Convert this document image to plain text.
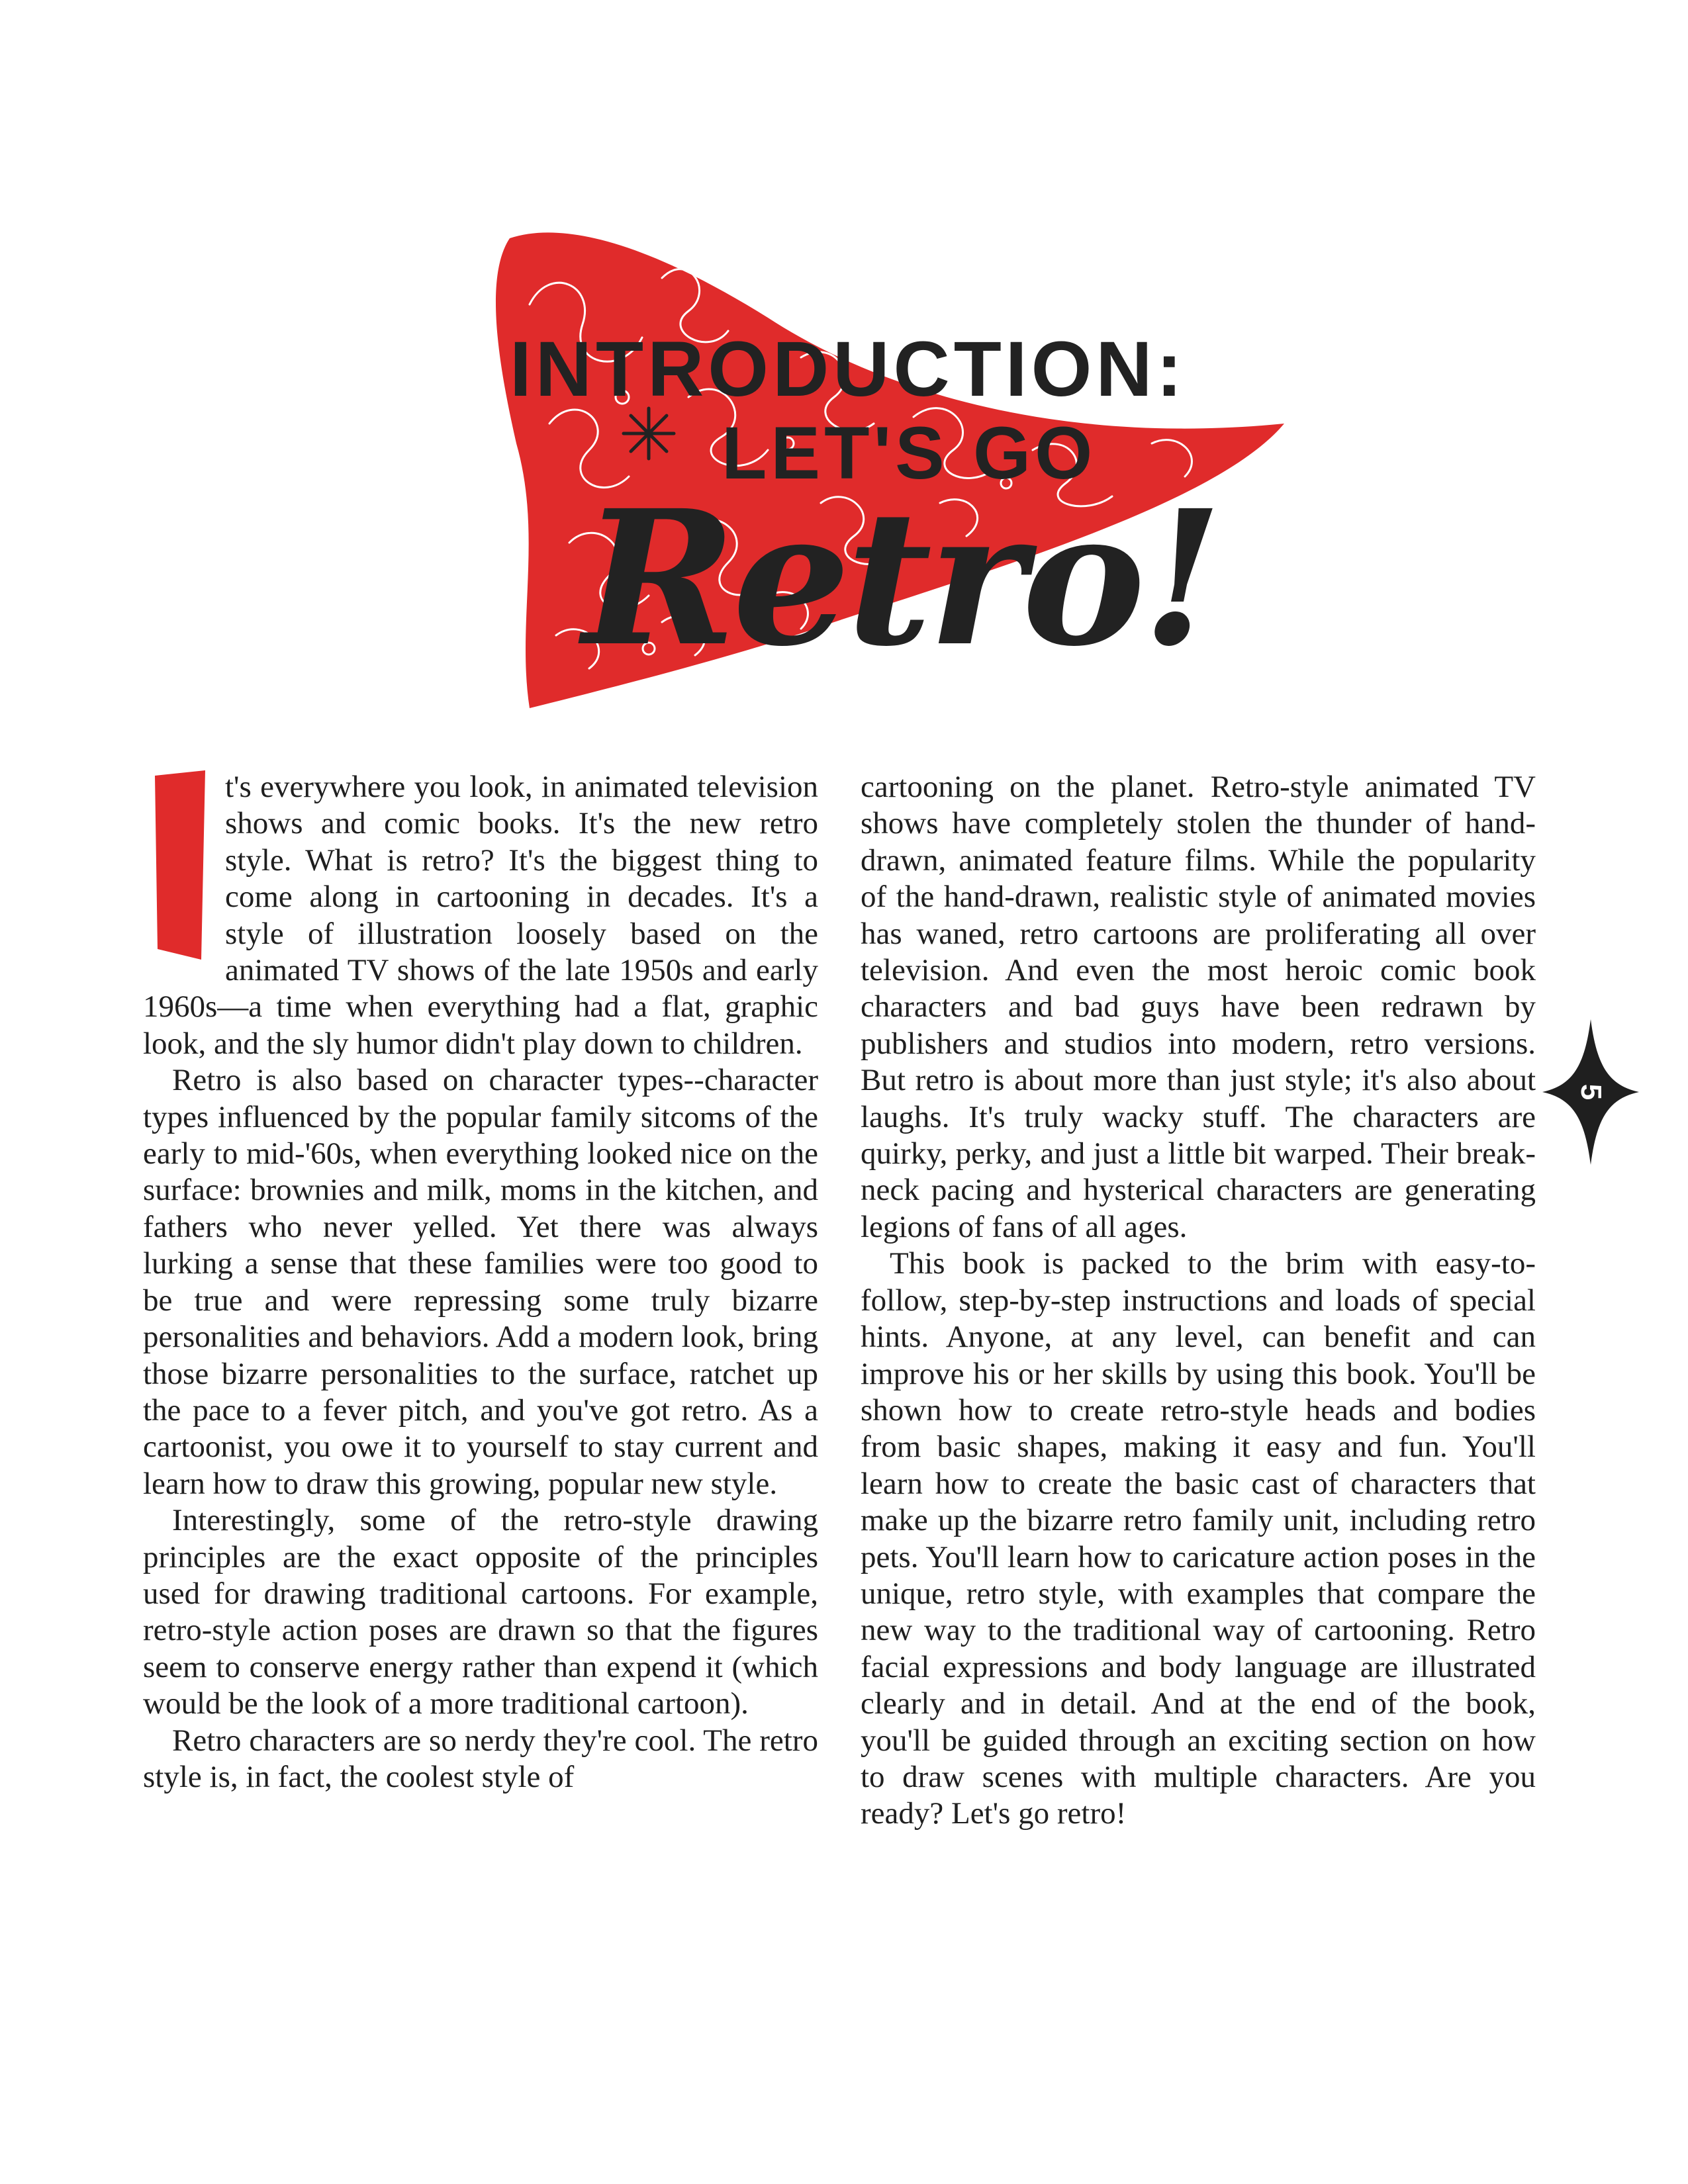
INTRODUCTION:
LET'S GO
Retro!

t's everywhere you look, in animated television shows and comic books. It's the new retro style. What is retro? It's the biggest thing to come along in cartooning in decades. It's a style of illustration loosely based on the animated TV shows of the late 1950s and early 1960s—a time when everything had a flat, graphic look, and the sly humor didn't play down to children.

Retro is also based on character types--character types influenced by the popular family sitcoms of the early to mid-'60s, when everything looked nice on the surface: brownies and milk, moms in the kitchen, and fathers who never yelled. Yet there was always lurking a sense that these families were too good to be true and were repressing some truly bizarre personalities and behaviors. Add a modern look, bring those bizarre personalities to the surface, ratchet up the pace to a fever pitch, and you've got retro. As a cartoonist, you owe it to yourself to stay current and learn how to draw this growing, popular new style.

Interestingly, some of the retro-style drawing principles are the exact opposite of the principles used for drawing traditional cartoons. For example, retro-style action poses are drawn so that the figures seem to conserve energy rather than expend it (which would be the look of a more traditional cartoon).

Retro characters are so nerdy they're cool. The retro style is, in fact, the coolest style of

cartooning on the planet. Retro-style animated TV shows have completely stolen the thunder of hand-drawn, animated feature films. While the popularity of the hand-drawn, realistic style of animated movies has waned, retro cartoons are proliferating all over television. And even the most heroic comic book characters and bad guys have been redrawn by publishers and studios into modern, retro versions. But retro is about more than just style; it's also about laughs. It's truly wacky stuff. The characters are quirky, perky, and just a little bit warped. Their break-neck pacing and hysterical characters are generating legions of fans of all ages.

This book is packed to the brim with easy-to-follow, step-by-step instructions and loads of special hints. Anyone, at any level, can benefit and can improve his or her skills by using this book. You'll be shown how to create retro-style heads and bodies from basic shapes, making it easy and fun. You'll learn how to create the basic cast of characters that make up the bizarre retro family unit, including retro pets. You'll learn how to caricature action poses in the unique, retro style, with examples that compare the new way to the traditional way of cartooning. Retro facial expressions and body language are illustrated clearly and in detail. And at the end of the book, you'll be guided through an exciting section on how to draw scenes with multiple characters. Are you ready? Let's go retro!

5
